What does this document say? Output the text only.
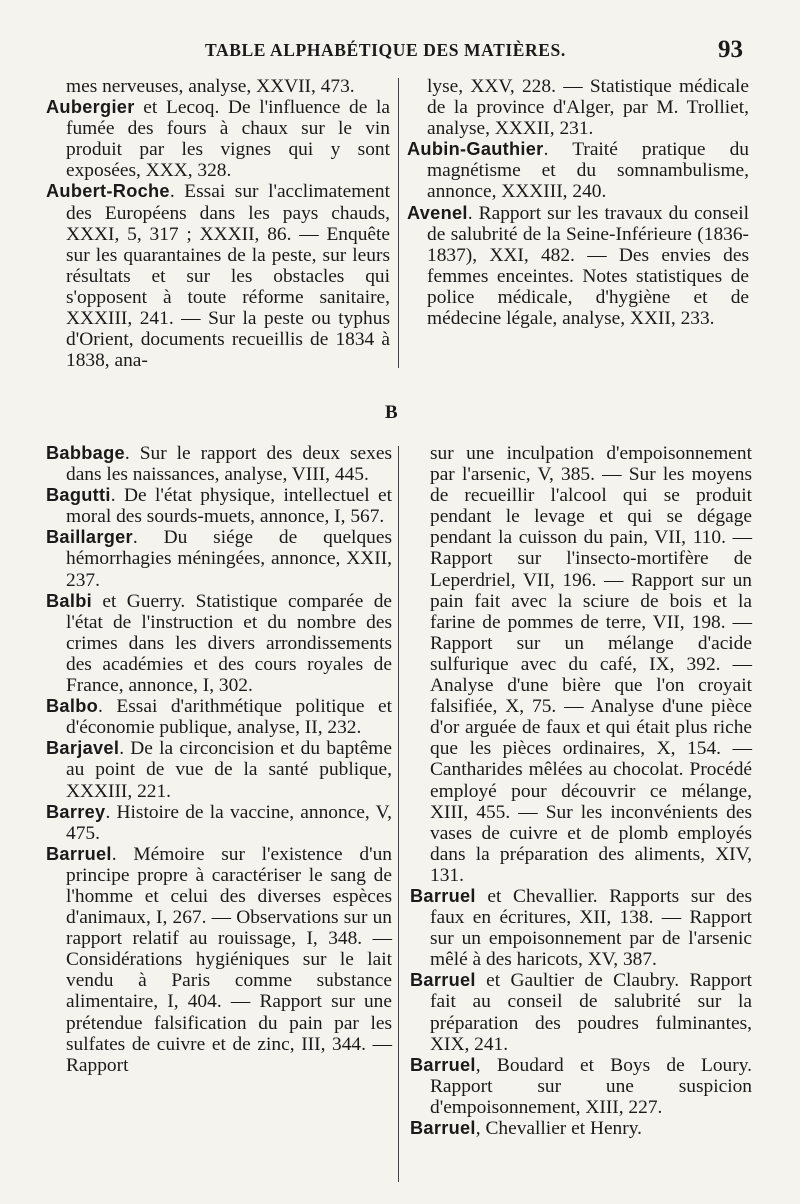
TABLE ALPHABÉTIQUE DES MATIÈRES.	93

mes nerveuses, analyse, XXVII, 473.

Aubergier et Lecoq. De l'influence de la fumée des fours à chaux sur le vin produit par les vignes qui y sont exposées, XXX, 328.

Aubert-Roche. Essai sur l'acclimatement des Européens dans les pays chauds, XXXI, 5, 317 ; XXXII, 86. — Enquête sur les quarantaines de la peste, sur leurs résultats et sur les obstacles qui s'opposent à toute réforme sanitaire, XXXIII, 241. — Sur la peste ou typhus d'Orient, documents recueillis de 1834 à 1838, ana-

lyse, XXV, 228. — Statistique médicale de la province d'Alger, par M. Trolliet, analyse, XXXII, 231.

Aubin-Gauthier. Traité pratique du magnétisme et du somnambulisme, annonce, XXXIII, 240.

Avenel. Rapport sur les travaux du conseil de salubrité de la Seine-Inférieure (1836-1837), XXI, 482. — Des envies des femmes enceintes. Notes statistiques de police médicale, d'hygiène et de médecine légale, analyse, XXII, 233.

B

Babbage. Sur le rapport des deux sexes dans les naissances, analyse, VIII, 445.

Bagutti. De l'état physique, intellectuel et moral des sourds-muets, annonce, I, 567.

Baillarger. Du siége de quelques hémorrhagies méningées, annonce, XXII, 237.

Balbi et Guerry. Statistique comparée de l'état de l'instruction et du nombre des crimes dans les divers arrondissements des académies et des cours royales de France, annonce, I, 302.

Balbo. Essai d'arithmétique politique et d'économie publique, analyse, II, 232.

Barjavel. De la circoncision et du baptême au point de vue de la santé publique, XXXIII, 221.

Barrey. Histoire de la vaccine, annonce, V, 475.

Barruel. Mémoire sur l'existence d'un principe propre à caractériser le sang de l'homme et celui des diverses espèces d'animaux, I, 267. — Observations sur un rapport relatif au rouissage, I, 348. — Considérations hygiéniques sur le lait vendu à Paris comme substance alimentaire, I, 404. — Rapport sur une prétendue falsification du pain par les sulfates de cuivre et de zinc, III, 344. — Rapport

sur une inculpation d'empoisonnement par l'arsenic, V, 385. — Sur les moyens de recueillir l'alcool qui se produit pendant le levage et qui se dégage pendant la cuisson du pain, VII, 110. — Rapport sur l'insecto-mortifère de Leperdriel, VII, 196. — Rapport sur un pain fait avec la sciure de bois et la farine de pommes de terre, VII, 198. — Rapport sur un mélange d'acide sulfurique avec du café, IX, 392. — Analyse d'une bière que l'on croyait falsifiée, X, 75. — Analyse d'une pièce d'or arguée de faux et qui était plus riche que les pièces ordinaires, X, 154. — Cantharides mêlées au chocolat. Procédé employé pour découvrir ce mélange, XIII, 455. — Sur les inconvénients des vases de cuivre et de plomb employés dans la préparation des aliments, XIV, 131.

Barruel et Chevallier. Rapports sur des faux en écritures, XII, 138. — Rapport sur un empoisonnement par de l'arsenic mêlé à des haricots, XV, 387.

Barruel et Gaultier de Claubry. Rapport fait au conseil de salubrité sur la préparation des poudres fulminantes, XIX, 241.

Barruel, Boudard et Boys de Loury. Rapport sur une suspicion d'empoisonnement, XIII, 227.

Barruel, Chevallier et Henry.
